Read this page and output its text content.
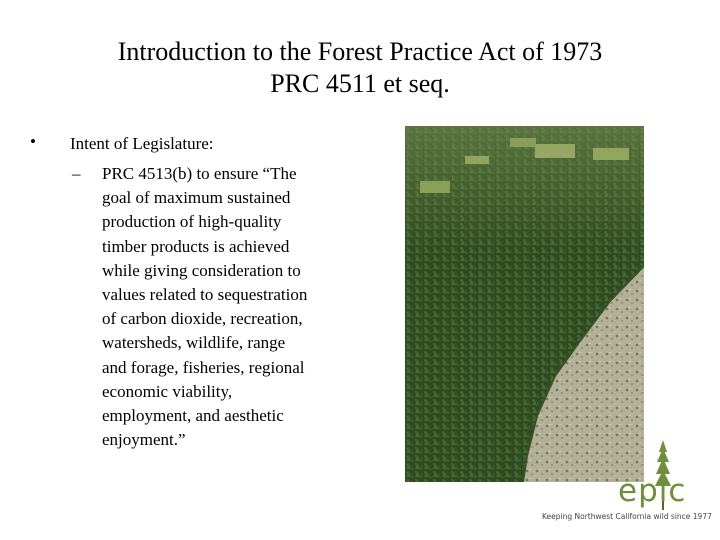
Introduction to the Forest Practice Act of 1973
PRC 4511 et seq.
• Intent of Legislature:
– PRC 4513(b) to ensure “The
goal of maximum sustained
production of high-quality
timber products is achieved
while giving consideration to
values related to sequestration
of carbon dioxide, recreation,
watersheds, wildlife, range
and forage, fisheries, regional
economic viability,
employment, and aesthetic
enjoyment.”
epic
Keeping Northwest California wild since 1977
